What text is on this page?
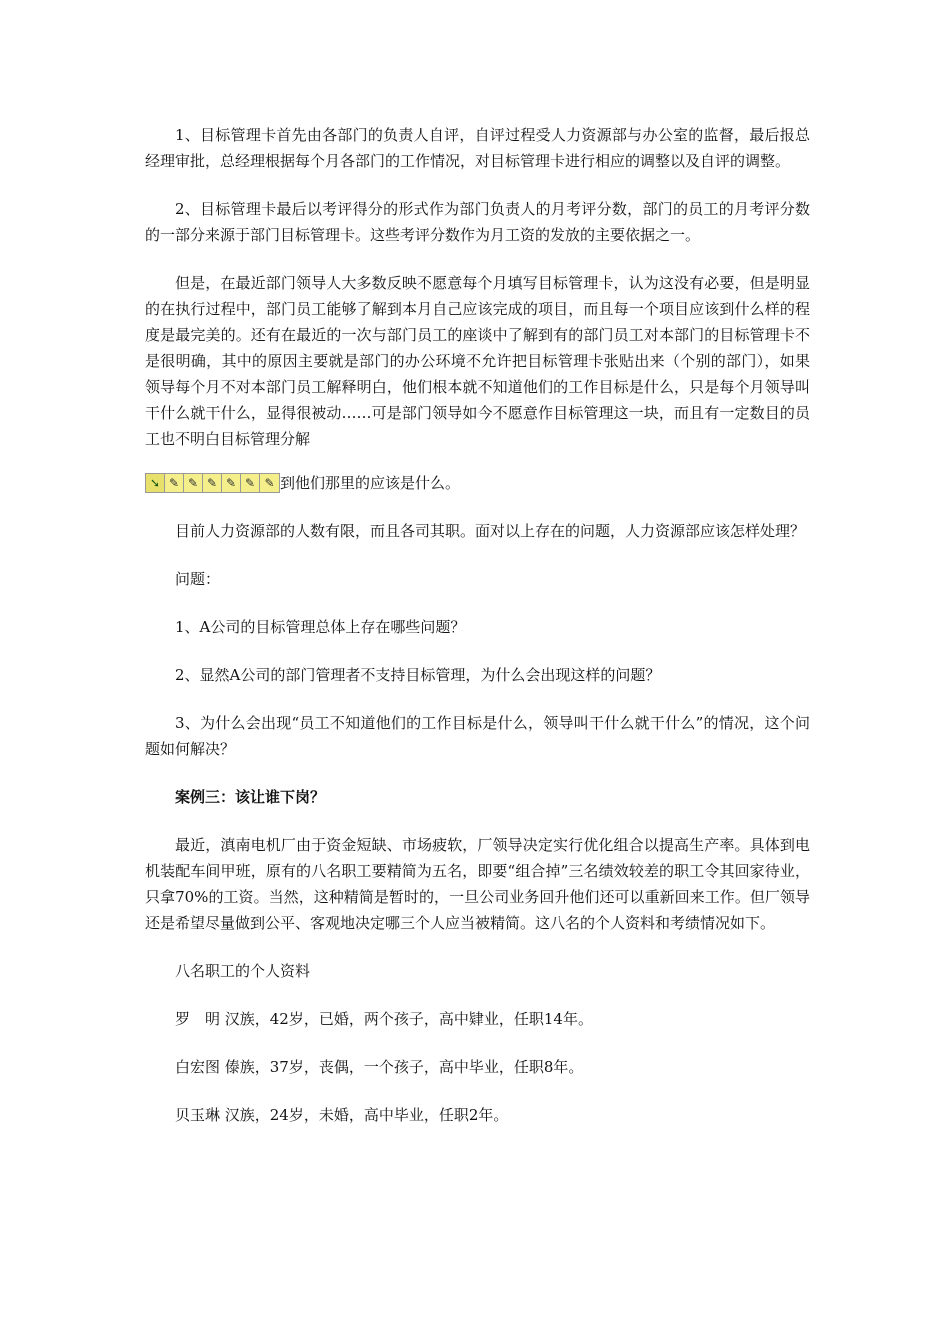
1、目标管理卡首先由各部门的负责人自评，自评过程受人力资源部与办公室的监督，最后报总经理审批，总经理根据每个月各部门的工作情况，对目标管理卡进行相应的调整以及自评的调整。

2、目标管理卡最后以考评得分的形式作为部门负责人的月考评分数，部门的员工的月考评分数的一部分来源于部门目标管理卡。这些考评分数作为月工资的发放的主要依据之一。

但是，在最近部门领导人大多数反映不愿意每个月填写目标管理卡，认为这没有必要，但是明显的在执行过程中，部门员工能够了解到本月自己应该完成的项目，而且每一个项目应该到什么样的程度是最完美的。还有在最近的一次与部门员工的座谈中了解到有的部门员工对本部门的目标管理卡不是很明确，其中的原因主要就是部门的办公环境不允许把目标管理卡张贴出来（个别的部门），如果领导每个月不对本部门员工解释明白，他们根本就不知道他们的工作目标是什么，只是每个月领导叫干什么就干什么，显得很被动……可是部门领导如今不愿意作目标管理这一块，而且有一定数目的员工也不明白目标管理分解

➘ ✎ ✎ ✎ ✎ ✎ ✎ 到他们那里的应该是什么。

目前人力资源部的人数有限，而且各司其职。面对以上存在的问题，人力资源部应该怎样处理？

问题：

1、A公司的目标管理总体上存在哪些问题？

2、显然A公司的部门管理者不支持目标管理，为什么会出现这样的问题？

3、为什么会出现“员工不知道他们的工作目标是什么，领导叫干什么就干什么”的情况，这个问题如何解决？

案例三：该让谁下岗？

最近，滇南电机厂由于资金短缺、市场疲软，厂领导决定实行优化组合以提高生产率。具体到电机装配车间甲班，原有的八名职工要精简为五名，即要“组合掉”三名绩效较差的职工令其回家待业，只拿70%的工资。当然，这种精简是暂时的，一旦公司业务回升他们还可以重新回来工作。但厂领导还是希望尽量做到公平、客观地决定哪三个人应当被精简。这八名的个人资料和考绩情况如下。

八名职工的个人资料

罗　明 汉族，42岁，已婚，两个孩子，高中肄业，任职14年。

白宏图 傣族，37岁，丧偶，一个孩子，高中毕业，任职8年。

贝玉琳 汉族，24岁，未婚，高中毕业，任职2年。
